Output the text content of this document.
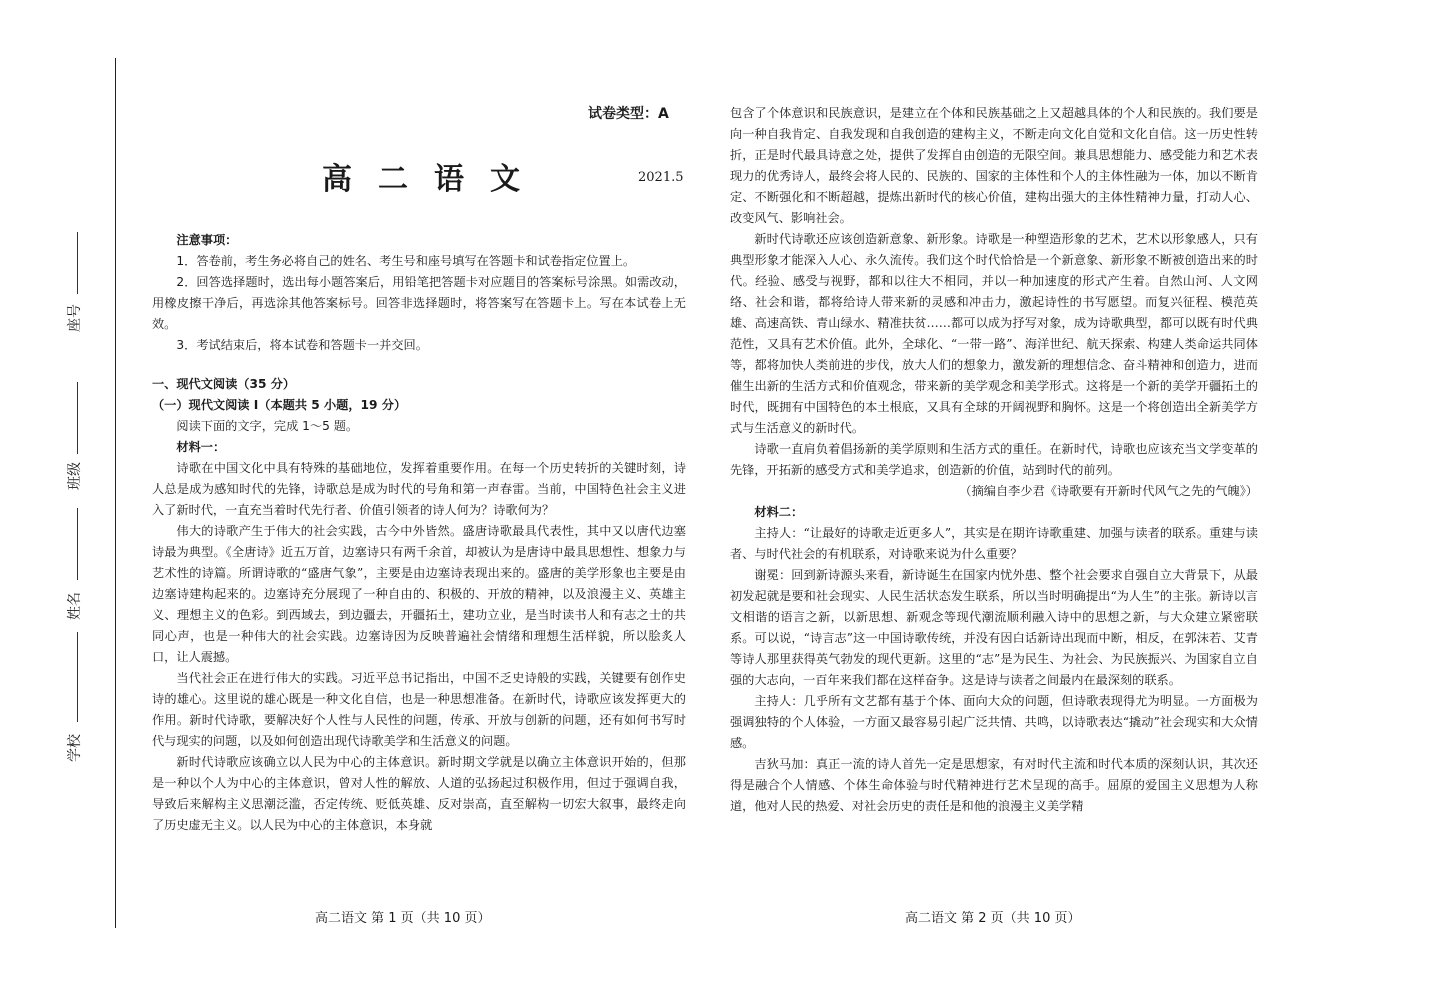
座号
班级
姓名
学校
试卷类型：A
高二语文	2021.5

注意事项：

1．答卷前，考生务必将自己的姓名、考生号和座号填写在答题卡和试卷指定位置上。

2．回答选择题时，选出每小题答案后，用铅笔把答题卡对应题目的答案标号涂黑。如需改动，用橡皮擦干净后，再选涂其他答案标号。回答非选择题时，将答案写在答题卡上。写在本试卷上无效。

3．考试结束后，将本试卷和答题卡一并交回。

一、现代文阅读（35 分）

（一）现代文阅读 I（本题共 5 小题，19 分）

阅读下面的文字，完成 1～5 题。

材料一：

诗歌在中国文化中具有特殊的基础地位，发挥着重要作用。在每一个历史转折的关键时刻，诗人总是成为感知时代的先锋，诗歌总是成为时代的号角和第一声春雷。当前，中国特色社会主义进入了新时代，一直充当着时代先行者、价值引领者的诗人何为？诗歌何为？

伟大的诗歌产生于伟大的社会实践，古今中外皆然。盛唐诗歌最具代表性，其中又以唐代边塞诗最为典型。《全唐诗》近五万首，边塞诗只有两千余首，却被认为是唐诗中最具思想性、想象力与艺术性的诗篇。所谓诗歌的“盛唐气象”，主要是由边塞诗表现出来的。盛唐的美学形象也主要是由边塞诗建构起来的。边塞诗充分展现了一种自由的、积极的、开放的精神，以及浪漫主义、英雄主义、理想主义的色彩。到西域去，到边疆去，开疆拓土，建功立业，是当时读书人和有志之士的共同心声，也是一种伟大的社会实践。边塞诗因为反映普遍社会情绪和理想生活样貌，所以脍炙人口，让人震撼。

当代社会正在进行伟大的实践。习近平总书记指出，中国不乏史诗般的实践，关键要有创作史诗的雄心。这里说的雄心既是一种文化自信，也是一种思想准备。在新时代，诗歌应该发挥更大的作用。新时代诗歌，要解决好个人性与人民性的问题，传承、开放与创新的问题，还有如何书写时代与现实的问题，以及如何创造出现代诗歌美学和生活意义的问题。

新时代诗歌应该确立以人民为中心的主体意识。新时期文学就是以确立主体意识开始的，但那是一种以个人为中心的主体意识，曾对人性的解放、人道的弘扬起过积极作用，但过于强调自我，导致后来解构主义思潮泛滥，否定传统、贬低英雄、反对崇高，直至解构一切宏大叙事，最终走向了历史虚无主义。以人民为中心的主体意识，本身就

包含了个体意识和民族意识，是建立在个体和民族基础之上又超越具体的个人和民族的。我们要是向一种自我肯定、自我发现和自我创造的建构主义，不断走向文化自觉和文化自信。这一历史性转折，正是时代最具诗意之处，提供了发挥自由创造的无限空间。兼具思想能力、感受能力和艺术表现力的优秀诗人，最终会将人民的、民族的、国家的主体性和个人的主体性融为一体，加以不断肯定、不断强化和不断超越，提炼出新时代的核心价值，建构出强大的主体性精神力量，打动人心、改变风气、影响社会。

新时代诗歌还应该创造新意象、新形象。诗歌是一种塑造形象的艺术，艺术以形象感人，只有典型形象才能深入人心、永久流传。我们这个时代恰恰是一个新意象、新形象不断被创造出来的时代。经验、感受与视野，都和以往大不相同，并以一种加速度的形式产生着。自然山河、人文网络、社会和谐，都将给诗人带来新的灵感和冲击力，激起诗性的书写愿望。而复兴征程、模范英雄、高速高铁、青山绿水、精准扶贫……都可以成为抒写对象，成为诗歌典型，都可以既有时代典范性，又具有艺术价值。此外，全球化、“一带一路”、海洋世纪、航天探索、构建人类命运共同体等，都将加快人类前进的步伐，放大人们的想象力，激发新的理想信念、奋斗精神和创造力，进而催生出新的生活方式和价值观念，带来新的美学观念和美学形式。这将是一个新的美学开疆拓土的时代，既拥有中国特色的本土根底，又具有全球的开阔视野和胸怀。这是一个将创造出全新美学方式与生活意义的新时代。

诗歌一直肩负着倡扬新的美学原则和生活方式的重任。在新时代，诗歌也应该充当文学变革的先锋，开拓新的感受方式和美学追求，创造新的价值，站到时代的前列。

（摘编自李少君《诗歌要有开新时代风气之先的气魄》）

材料二：

主持人：“让最好的诗歌走近更多人”，其实是在期许诗歌重建、加强与读者的联系。重建与读者、与时代社会的有机联系，对诗歌来说为什么重要？

谢冕：回到新诗源头来看，新诗诞生在国家内忧外患、整个社会要求自强自立大背景下，从最初发起就是要和社会现实、人民生活状态发生联系，所以当时明确提出“为人生”的主张。新诗以言文相谐的语言之新，以新思想、新观念等现代潮流顺利融入诗中的思想之新，与大众建立紧密联系。可以说，“诗言志”这一中国诗歌传统，并没有因白话新诗出现而中断，相反，在郭沫若、艾青等诗人那里获得英气勃发的现代更新。这里的“志”是为民生、为社会、为民族振兴、为国家自立自强的大志向，一百年来我们都在这样奋争。这是诗与读者之间最内在最深刻的联系。

主持人：几乎所有文艺都有基于个体、面向大众的问题，但诗歌表现得尤为明显。一方面极为强调独特的个人体验，一方面又最容易引起广泛共情、共鸣，以诗歌表达“撬动”社会现实和大众情感。

吉狄马加：真正一流的诗人首先一定是思想家，有对时代主流和时代本质的深刻认识，其次还得是融合个人情感、个体生命体验与时代精神进行艺术呈现的高手。屈原的爱国主义思想为人称道，他对人民的热爱、对社会历史的责任是和他的浪漫主义美学精

高二语文 第 1 页（共 10 页）	高二语文 第 2 页（共 10 页）
